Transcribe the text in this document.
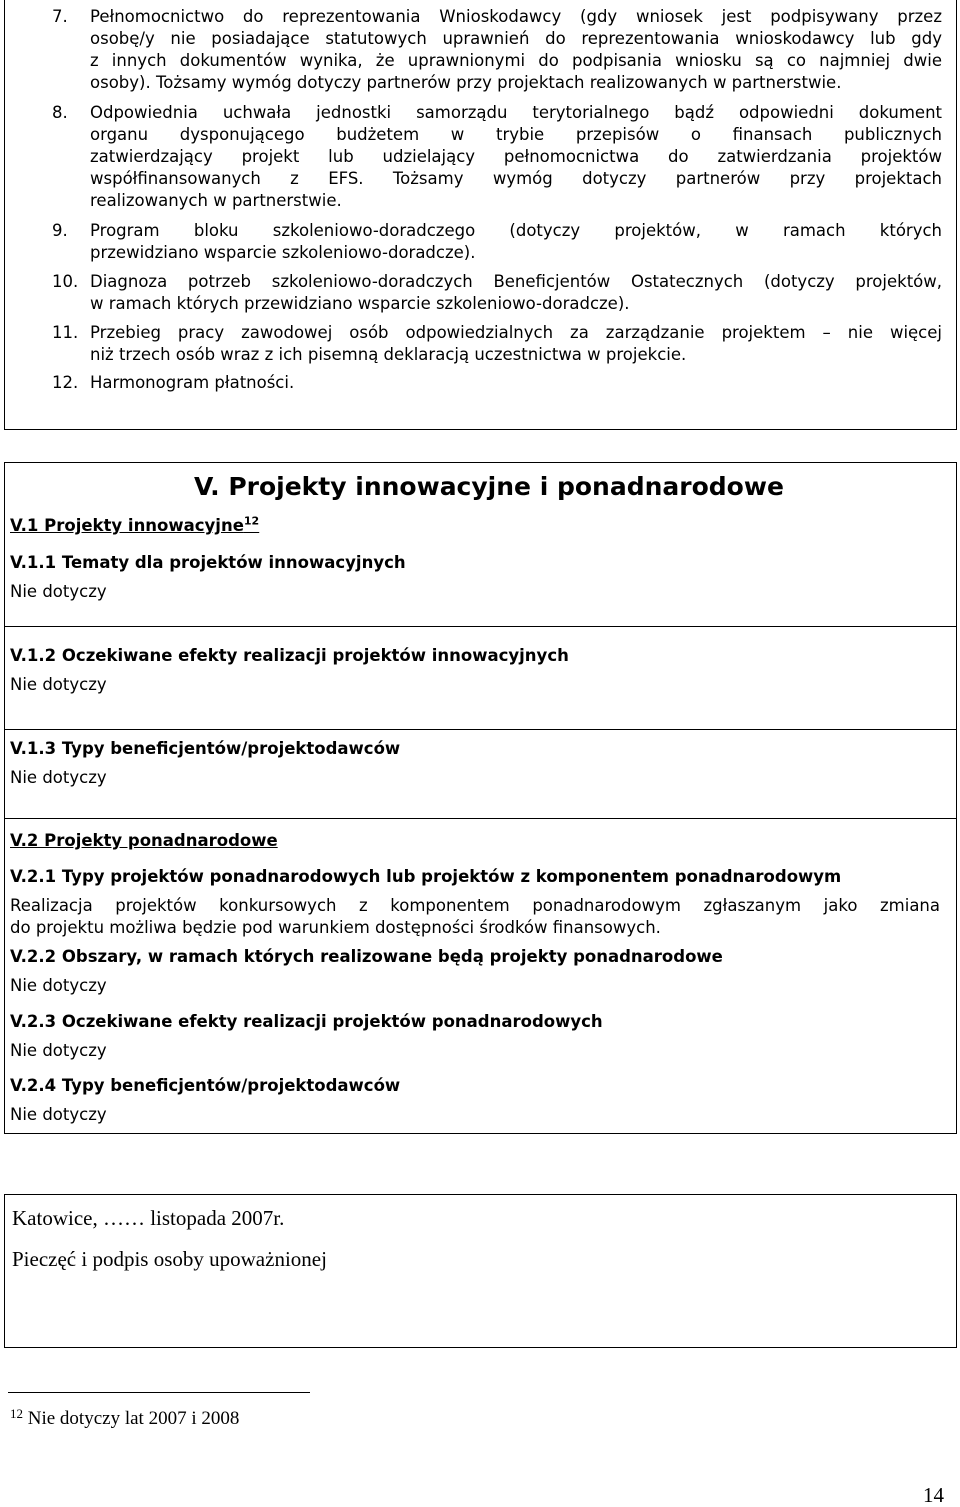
7. Pełnomocnictwo do reprezentowania Wnioskodawcy (gdy wniosek jest podpisywany przez
osobę/y nie posiadające statutowych uprawnień do reprezentowania wnioskodawcy lub gdy
z innych dokumentów wynika, że uprawnionymi do podpisania wniosku są co najmniej dwie
osoby). Tożsamy wymóg dotyczy partnerów przy projektach realizowanych w partnerstwie.
8. Odpowiednia uchwała jednostki samorządu terytorialnego bądź odpowiedni dokument
organu dysponującego budżetem w trybie przepisów o finansach publicznych
zatwierdzający projekt lub udzielający pełnomocnictwa do zatwierdzania projektów
współfinansowanych z EFS. Tożsamy wymóg dotyczy partnerów przy projektach
realizowanych w partnerstwie.
9. Program bloku szkoleniowo-doradczego (dotyczy projektów, w ramach których
przewidziano wsparcie szkoleniowo-doradcze).
10. Diagnoza potrzeb szkoleniowo-doradczych Beneficjentów Ostatecznych (dotyczy projektów,
w ramach których przewidziano wsparcie szkoleniowo-doradcze).
11. Przebieg pracy zawodowej osób odpowiedzialnych za zarządzanie projektem – nie więcej
niż trzech osób wraz z ich pisemną deklaracją uczestnictwa w projekcie.
12. Harmonogram płatności.
V. Projekty innowacyjne i ponadnarodowe
V.1 Projekty innowacyjne$^{12}$
V.1.1 Tematy dla projektów innowacyjnych
Nie dotyczy
V.1.2 Oczekiwane efekty realizacji projektów innowacyjnych
Nie dotyczy
V.1.3 Typy beneficjentów/projektodawców
Nie dotyczy
V.2 Projekty ponadnarodowe
V.2.1 Typy projektów ponadnarodowych lub projektów z komponentem ponadnarodowym
Realizacja projektów konkursowych z komponentem ponadnarodowym zgłaszanym jako zmiana
do projektu możliwa będzie pod warunkiem dostępności środków finansowych.
V.2.2 Obszary, w ramach których realizowane będą projekty ponadnarodowe
Nie dotyczy
V.2.3 Oczekiwane efekty realizacji projektów ponadnarodowych
Nie dotyczy
V.2.4 Typy beneficjentów/projektodawców
Nie dotyczy
Katowice, …… listopada 2007r.
Pieczęć i podpis osoby upoważnionej
$^{12}$ Nie dotyczy lat 2007 i 2008
14
